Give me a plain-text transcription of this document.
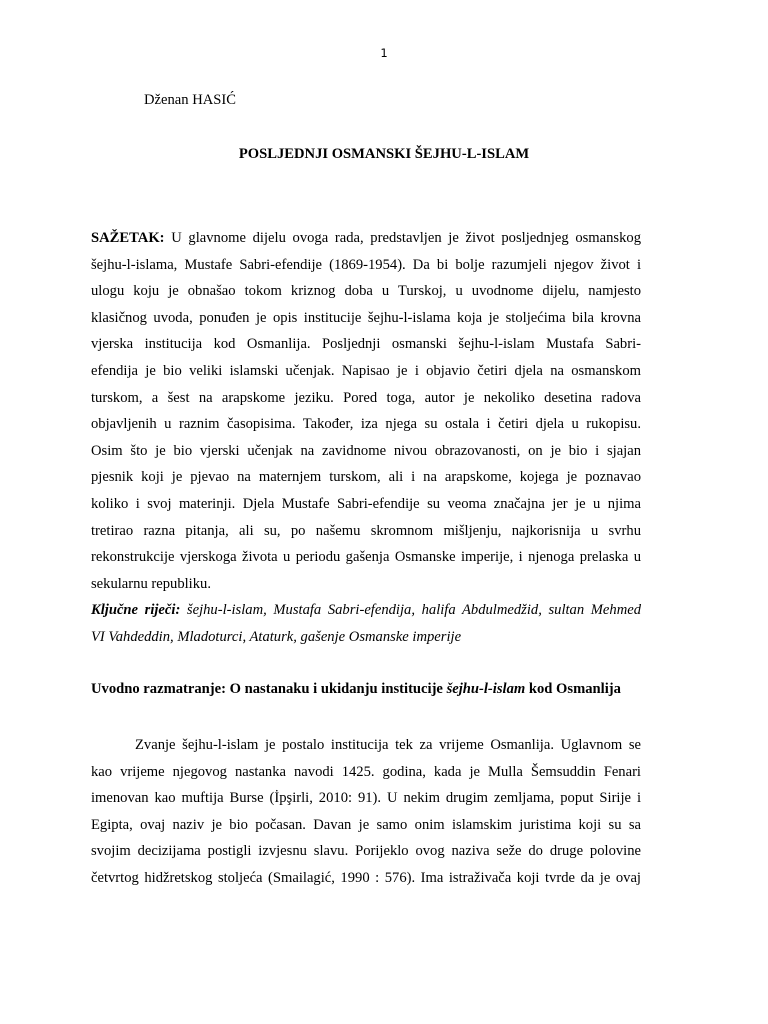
1
Dženan HASIĆ
POSLJEDNJI OSMANSKI ŠEJHU-L-ISLAM
SAŽETAK: U glavnome dijelu ovoga rada, predstavljen je život posljednjeg osmanskog
šejhu-l-islama, Mustafe Sabri-efendije (1869-1954). Da bi bolje razumjeli njegov život i
ulogu koju je obnašao tokom kriznog doba u Turskoj, u uvodnome dijelu, namjesto
klasičnog uvoda, ponuđen je opis institucije šejhu-l-islama koja je stoljećima bila krovna
vjerska institucija kod Osmanlija. Posljednji osmanski šejhu-l-islam Mustafa Sabri-
efendija je bio veliki islamski učenjak. Napisao je i objavio četiri djela na osmanskom
turskom, a šest na arapskome jeziku. Pored toga, autor je nekoliko desetina radova
objavljenih u raznim časopisima. Također, iza njega su ostala i četiri djela u rukopisu.
Osim što je bio vjerski učenjak na zavidnome nivou obrazovanosti, on je bio i sjajan
pjesnik koji je pjevao na maternjem turskom, ali i na arapskome, kojega je poznavao
koliko i svoj materinji. Djela Mustafe Sabri-efendije su veoma značajna jer je u njima
tretirao razna pitanja, ali su, po našemu skromnom mišljenju, najkorisnija u svrhu
rekonstrukcije vjerskoga života u periodu gašenja Osmanske imperije, i njenoga prelaska u
sekularnu republiku.
Ključne riječi: šejhu-l-islam, Mustafa Sabri-efendija, halifa Abdulmedžid, sultan Mehmed
VI Vahdeddin, Mladoturci, Ataturk, gašenje Osmanske imperije
Uvodno razmatranje: O nastanaku i ukidanju institucije šejhu-l-islam kod Osmanlija
Zvanje šejhu-l-islam je postalo institucija tek za vrijeme Osmanlija. Uglavnom se
kao vrijeme njegovog nastanka navodi 1425. godina, kada je Mulla Šemsuddin Fenari
imenovan kao muftija Burse (İpşirli, 2010: 91). U nekim drugim zemljama, poput Sirije i
Egipta, ovaj naziv je bio počasan. Davan je samo onim islamskim juristima koji su sa
svojim decizijama postigli izvjesnu slavu. Porijeklo ovog naziva seže do druge polovine
četvrtog hidžretskog stoljeća (Smailagić, 1990 : 576). Ima istraživača koji tvrde da je ovaj
